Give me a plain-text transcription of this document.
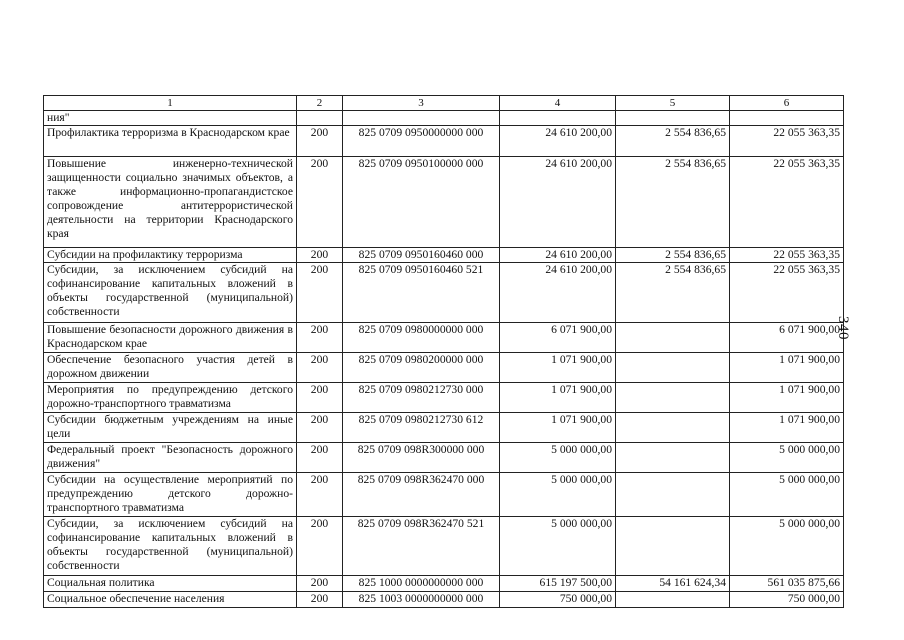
1	2	3	4	5	6
ния"					
Профилактика терроризма в Краснодарском крае	200	825 0709 0950000000 000	24 610 200,00	2 554 836,65	22 055 363,35
Повышение инженерно-технической защищенности социально значимых объектов, а также информационно-пропагандистское сопровождение антитеррористической деятельности на территории Краснодарского края	200	825 0709 0950100000 000	24 610 200,00	2 554 836,65	22 055 363,35
Субсидии на профилактику терроризма	200	825 0709 0950160460 000	24 610 200,00	2 554 836,65	22 055 363,35
Субсидии, за исключением субсидий на софинансирование капитальных вложений в объекты государственной (муниципальной) собственности	200	825 0709 0950160460 521	24 610 200,00	2 554 836,65	22 055 363,35
Повышение безопасности дорожного движения в Краснодарском крае	200	825 0709 0980000000 000	6 071 900,00		6 071 900,00
Обеспечение безопасного участия детей в дорожном движении	200	825 0709 0980200000 000	1 071 900,00		1 071 900,00
Мероприятия по предупреждению детского дорожно-транспортного травматизма	200	825 0709 0980212730 000	1 071 900,00		1 071 900,00
Субсидии бюджетным учреждениям на иные цели	200	825 0709 0980212730 612	1 071 900,00		1 071 900,00
Федеральный проект "Безопасность дорожного движения"	200	825 0709 098R300000 000	5 000 000,00		5 000 000,00
Субсидии на осуществление мероприятий по предупреждению детского дорожно-транспортного травматизма	200	825 0709 098R362470 000	5 000 000,00		5 000 000,00
Субсидии, за исключением субсидий на софинансирование капитальных вложений в объекты государственной (муниципальной) собственности	200	825 0709 098R362470 521	5 000 000,00		5 000 000,00
Социальная политика	200	825 1000 0000000000 000	615 197 500,00	54 161 624,34	561 035 875,66
Социальное обеспечение населения	200	825 1003 0000000000 000	750 000,00		750 000,00
340
